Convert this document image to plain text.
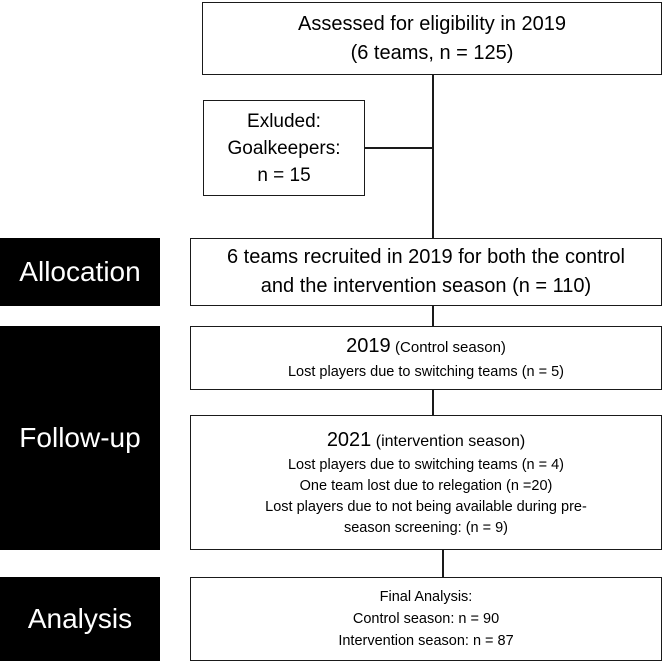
Assessed for eligibility in 2019
(6 teams, n = 125)
Exluded:
Goalkeepers:
n = 15
Allocation	6 teams recruited in 2019 for both the control
and the intervention season (n = 110)
Follow-up
2019 (Control season)
Lost players due to switching teams (n = 5)
2021 (intervention season)
Lost players due to switching teams (n = 4)
One team lost due to relegation (n =20)
Lost players due to not being available during pre-
season screening: (n = 9)
Analysis
Final Analysis:
Control season: n = 90
Intervention season: n = 87
